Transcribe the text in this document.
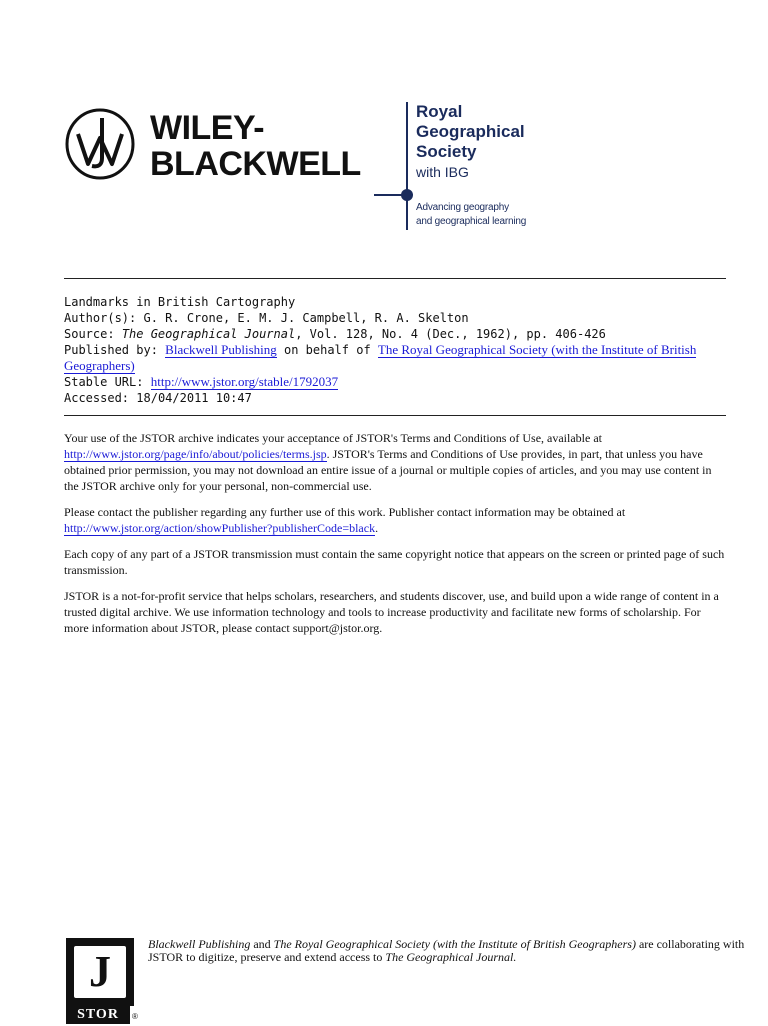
WILEY-
BLACKWELL
Royal
Geographical
Society
with IBG
Advancing geography
and geographical learning
Landmarks in British Cartography
Author(s): G. R. Crone, E. M. J. Campbell, R. A. Skelton
Source: The Geographical Journal, Vol. 128, No. 4 (Dec., 1962), pp. 406-426
Published by: Blackwell Publishing on behalf of The Royal Geographical Society (with the Institute of British Geographers)
Stable URL: http://www.jstor.org/stable/1792037
Accessed: 18/04/2011 10:47

Your use of the JSTOR archive indicates your acceptance of JSTOR's Terms and Conditions of Use, available at http://www.jstor.org/page/info/about/policies/terms.jsp. JSTOR's Terms and Conditions of Use provides, in part, that unless you have obtained prior permission, you may not download an entire issue of a journal or multiple copies of articles, and you may use content in the JSTOR archive only for your personal, non-commercial use.

Please contact the publisher regarding any further use of this work. Publisher contact information may be obtained at http://www.jstor.org/action/showPublisher?publisherCode=black.

Each copy of any part of a JSTOR transmission must contain the same copyright notice that appears on the screen or printed page of such transmission.

JSTOR is a not-for-profit service that helps scholars, researchers, and students discover, use, and build upon a wide range of content in a trusted digital archive. We use information technology and tools to increase productivity and facilitate new forms of scholarship. For more information about JSTOR, please contact support@jstor.org.

J
STOR	®
Blackwell Publishing and The Royal Geographical Society (with the Institute of British Geographers) are collaborating with JSTOR to digitize, preserve and extend access to The Geographical Journal.
